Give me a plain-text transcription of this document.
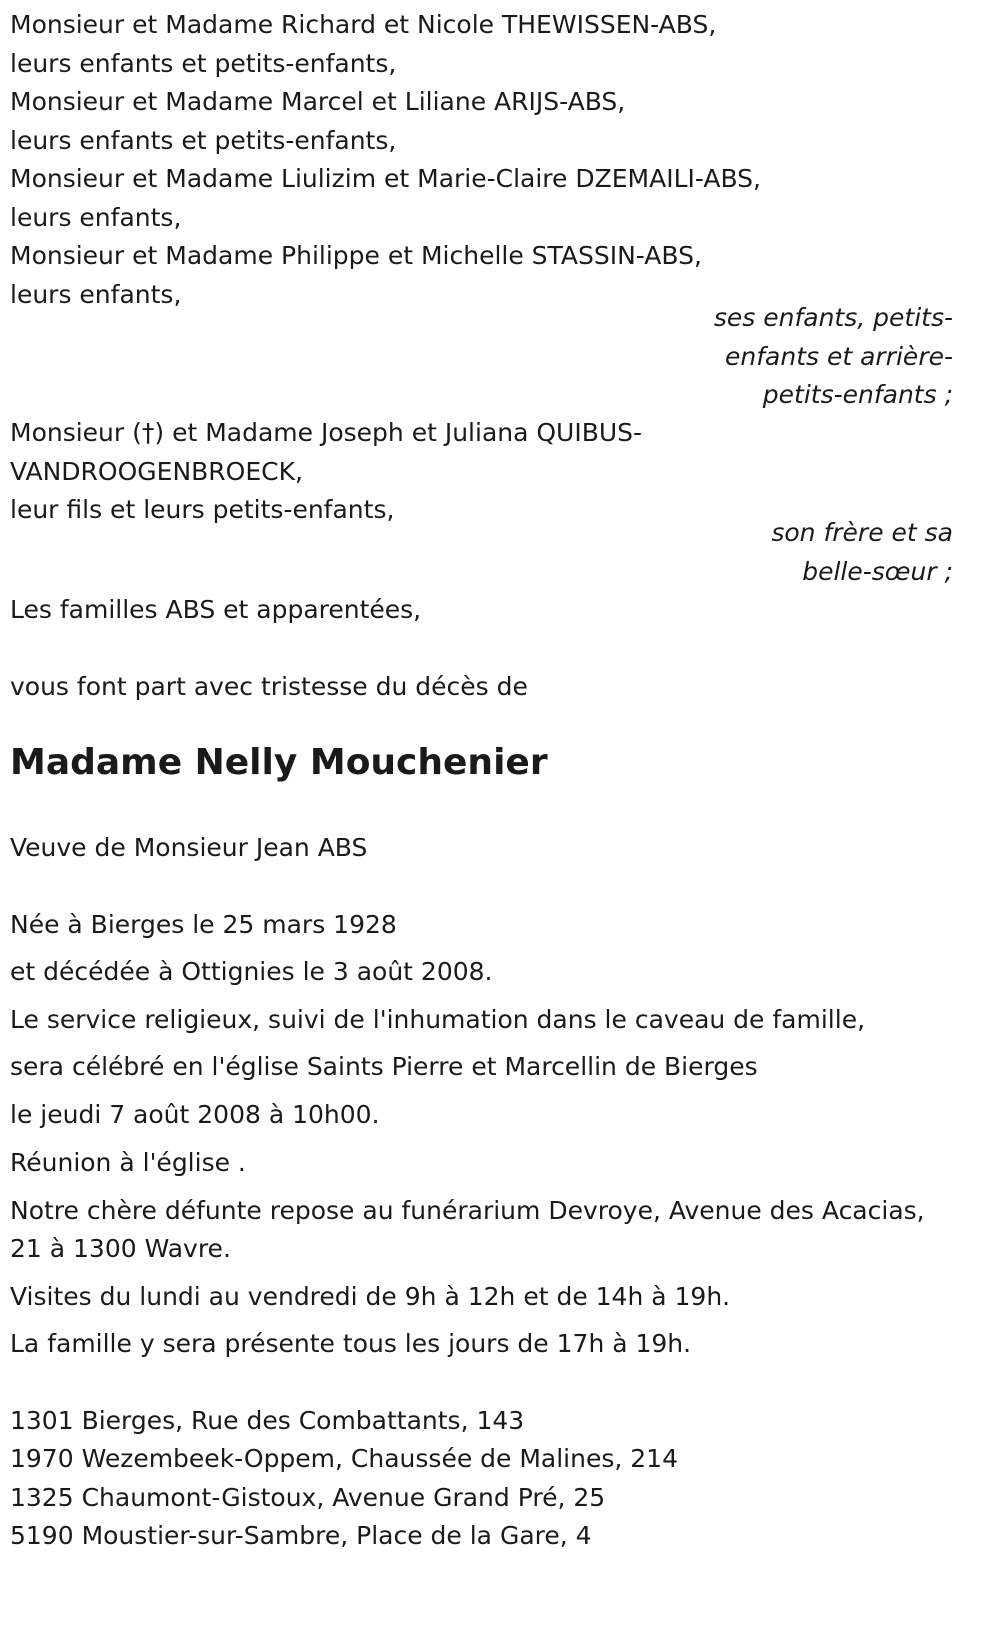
Monsieur et Madame Richard et Nicole THEWISSEN-ABS,
leurs enfants et petits-enfants,
Monsieur et Madame Marcel et Liliane ARIJS-ABS,
leurs enfants et petits-enfants,
Monsieur et Madame Liulizim et Marie-Claire DZEMAILI-ABS,
leurs enfants,
Monsieur et Madame Philippe et Michelle STASSIN-ABS,
leurs enfants,
ses enfants, petits-
enfants et arrière-
petits-enfants ;
Monsieur (†) et Madame Joseph et Juliana QUIBUS-
VANDROOGENBROECK,
leur fils et leurs petits-enfants,
son frère et sa
belle-sœur ;
Les familles ABS et apparentées,
vous font part avec tristesse du décès de
Madame Nelly Mouchenier
Veuve de Monsieur Jean ABS
Née à Bierges le 25 mars 1928
et décédée à Ottignies le 3 août 2008.
Le service religieux, suivi de l'inhumation dans le caveau de famille,
sera célébré en l'église Saints Pierre et Marcellin de Bierges
le jeudi 7 août 2008 à 10h00.
Réunion à l'église .
Notre chère défunte repose au funérarium Devroye, Avenue des Acacias,
21 à 1300 Wavre.
Visites du lundi au vendredi de 9h à 12h et de 14h à 19h.
La famille y sera présente tous les jours de 17h à 19h.
1301 Bierges, Rue des Combattants, 143
1970 Wezembeek-Oppem, Chaussée de Malines, 214
1325 Chaumont-Gistoux, Avenue Grand Pré, 25
5190 Moustier-sur-Sambre, Place de la Gare, 4
